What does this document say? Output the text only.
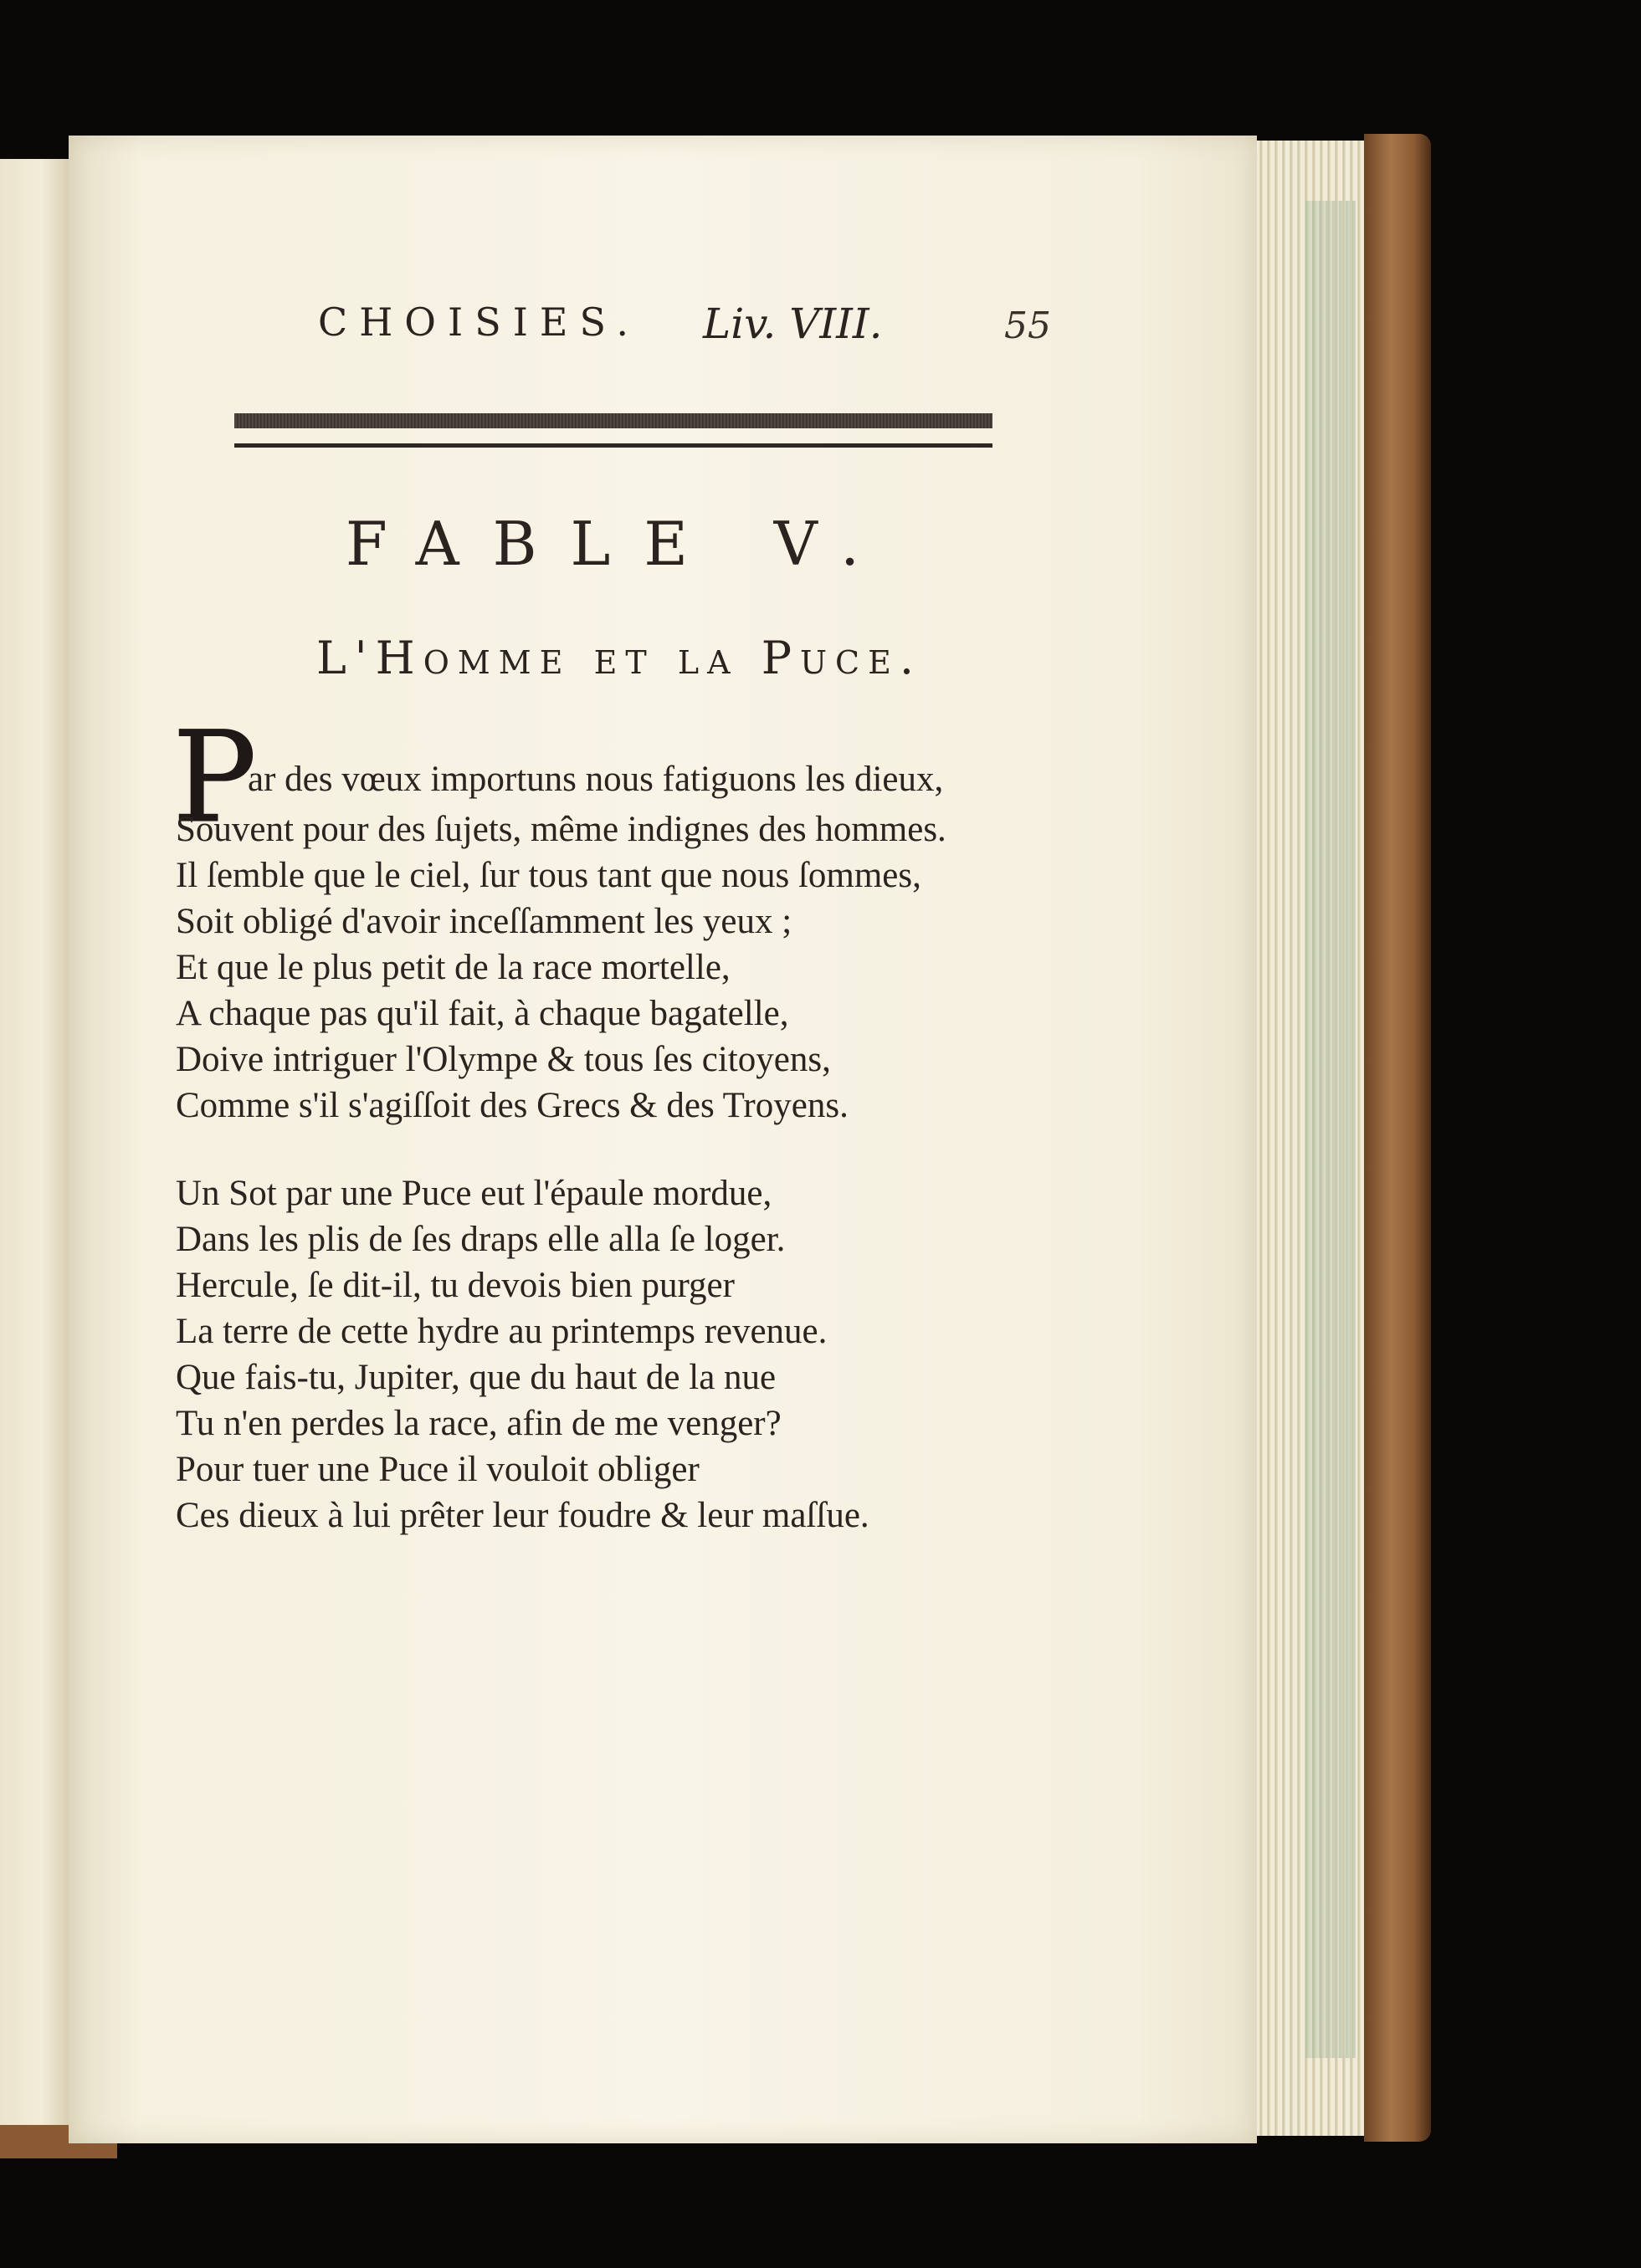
CHOISIES. Liv. VIII.	55
FABLE V.
L'Homme et la Puce.
P
ar des vœux importuns nous fatiguons les dieux,
Souvent pour des ſujets, même indignes des hommes.
Il ſemble que le ciel, ſur tous tant que nous ſommes,
Soit obligé d'avoir inceſſamment les yeux ;
Et que le plus petit de la race mortelle,
A chaque pas qu'il fait, à chaque bagatelle,
Doive intriguer l'Olympe & tous ſes citoyens,
Comme s'il s'agiſſoit des Grecs & des Troyens.
Un Sot par une Puce eut l'épaule mordue,
Dans les plis de ſes draps elle alla ſe loger.
Hercule, ſe dit-il, tu devois bien purger
La terre de cette hydre au printemps revenue.
Que fais-tu, Jupiter, que du haut de la nue
Tu n'en perdes la race, afin de me venger?
Pour tuer une Puce il vouloit obliger
Ces dieux à lui prêter leur foudre & leur maſſue.
